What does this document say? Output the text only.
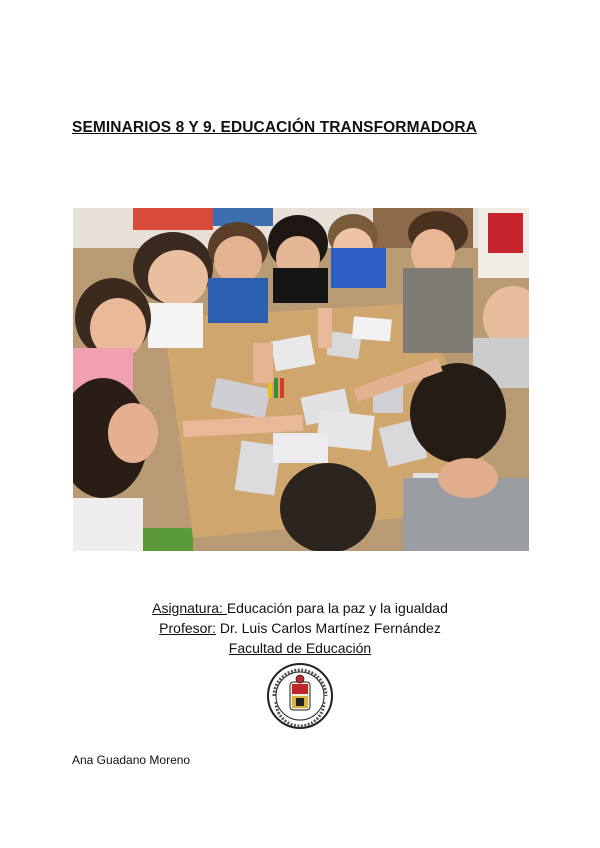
SEMINARIOS 8 Y 9. EDUCACIÓN TRANSFORMADORA
Asignatura: Educación para la paz y la igualdad
Profesor: Dr. Luis Carlos Martínez Fernández
Facultad de Educación
Ana Guadano Moreno
